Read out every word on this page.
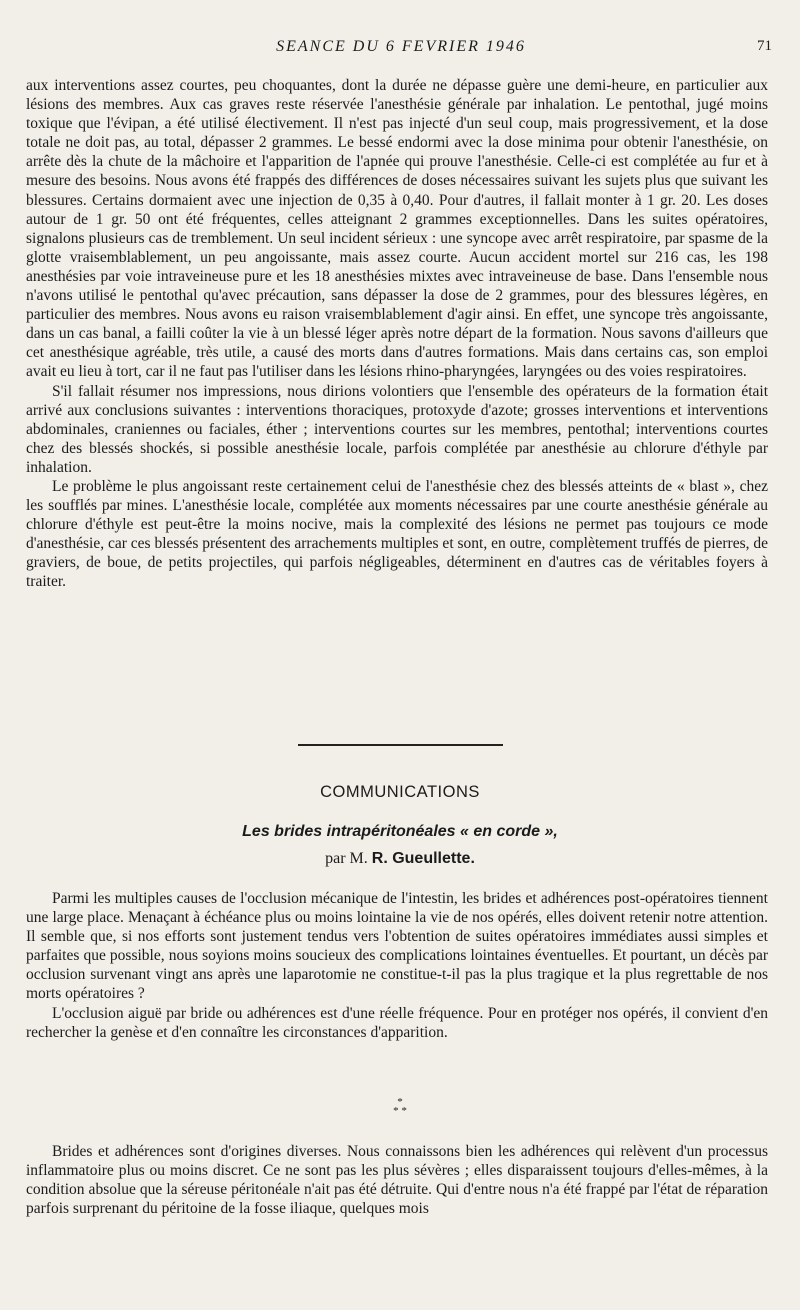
SEANCE DU 6 FEVRIER 1946	71

aux interventions assez courtes, peu choquantes, dont la durée ne dépasse guère une demi-heure, en particulier aux lésions des membres. Aux cas graves reste réservée l'anesthésie générale par inhalation. Le pentothal, jugé moins toxique que l'évipan, a été utilisé électivement. Il n'est pas injecté d'un seul coup, mais progressivement, et la dose totale ne doit pas, au total, dépasser 2 grammes. Le bessé endormi avec la dose minima pour obtenir l'anesthésie, on arrête dès la chute de la mâchoire et l'apparition de l'apnée qui prouve l'anesthésie. Celle-ci est complétée au fur et à mesure des besoins. Nous avons été frappés des différences de doses nécessaires suivant les sujets plus que suivant les blessures. Certains dormaient avec une injection de 0,35 à 0,40. Pour d'autres, il fallait monter à 1 gr. 20. Les doses autour de 1 gr. 50 ont été fréquentes, celles atteignant 2 grammes exceptionnelles. Dans les suites opératoires, signalons plusieurs cas de tremblement. Un seul incident sérieux : une syncope avec arrêt respiratoire, par spasme de la glotte vraisemblablement, un peu angoissante, mais assez courte. Aucun accident mortel sur 216 cas, les 198 anesthésies par voie intraveineuse pure et les 18 anesthésies mixtes avec intraveineuse de base. Dans l'ensemble nous n'avons utilisé le pentothal qu'avec précaution, sans dépasser la dose de 2 grammes, pour des blessures légères, en particulier des membres. Nous avons eu raison vraisemblablement d'agir ainsi. En effet, une syncope très angoissante, dans un cas banal, a failli coûter la vie à un blessé léger après notre départ de la formation. Nous savons d'ailleurs que cet anesthésique agréable, très utile, a causé des morts dans d'autres formations. Mais dans certains cas, son emploi avait eu lieu à tort, car il ne faut pas l'utiliser dans les lésions rhino-pharyngées, laryngées ou des voies respiratoires.

S'il fallait résumer nos impressions, nous dirions volontiers que l'ensemble des opérateurs de la formation était arrivé aux conclusions suivantes : interventions thoraciques, protoxyde d'azote; grosses interventions et interventions abdominales, craniennes ou faciales, éther ; interventions courtes sur les membres, pentothal; interventions courtes chez des blessés shockés, si possible anesthésie locale, parfois complétée par anesthésie au chlorure d'éthyle par inhalation.

Le problème le plus angoissant reste certainement celui de l'anesthésie chez des blessés atteints de « blast », chez les soufflés par mines. L'anesthésie locale, complétée aux moments nécessaires par une courte anesthésie générale au chlorure d'éthyle est peut-être la moins nocive, mais la complexité des lésions ne permet pas toujours ce mode d'anesthésie, car ces blessés présentent des arrachements multiples et sont, en outre, complètement truffés de pierres, de graviers, de boue, de petits projectiles, qui parfois négligeables, déterminent en d'autres cas de véritables foyers à traiter.

COMMUNICATIONS
Les brides intrapéritonéales « en corde »,
par M. R. Gueullette.

Parmi les multiples causes de l'occlusion mécanique de l'intestin, les brides et adhérences post-opératoires tiennent une large place. Menaçant à échéance plus ou moins lointaine la vie de nos opérés, elles doivent retenir notre attention. Il semble que, si nos efforts sont justement tendus vers l'obtention de suites opératoires immédiates aussi simples et parfaites que possible, nous soyions moins soucieux des complications lointaines éventuelles. Et pourtant, un décès par occlusion survenant vingt ans après une laparotomie ne constitue-t-il pas la plus tragique et la plus regrettable de nos morts opératoires ?

L'occlusion aiguë par bride ou adhérences est d'une réelle fréquence. Pour en protéger nos opérés, il convient d'en rechercher la genèse et d'en connaître les circonstances d'apparition.

*
* *

Brides et adhérences sont d'origines diverses. Nous connaissons bien les adhérences qui relèvent d'un processus inflammatoire plus ou moins discret. Ce ne sont pas les plus sévères ; elles disparaissent toujours d'elles-mêmes, à la condition absolue que la séreuse péritonéale n'ait pas été détruite. Qui d'entre nous n'a été frappé par l'état de réparation parfois surprenant du péritoine de la fosse iliaque, quelques mois
